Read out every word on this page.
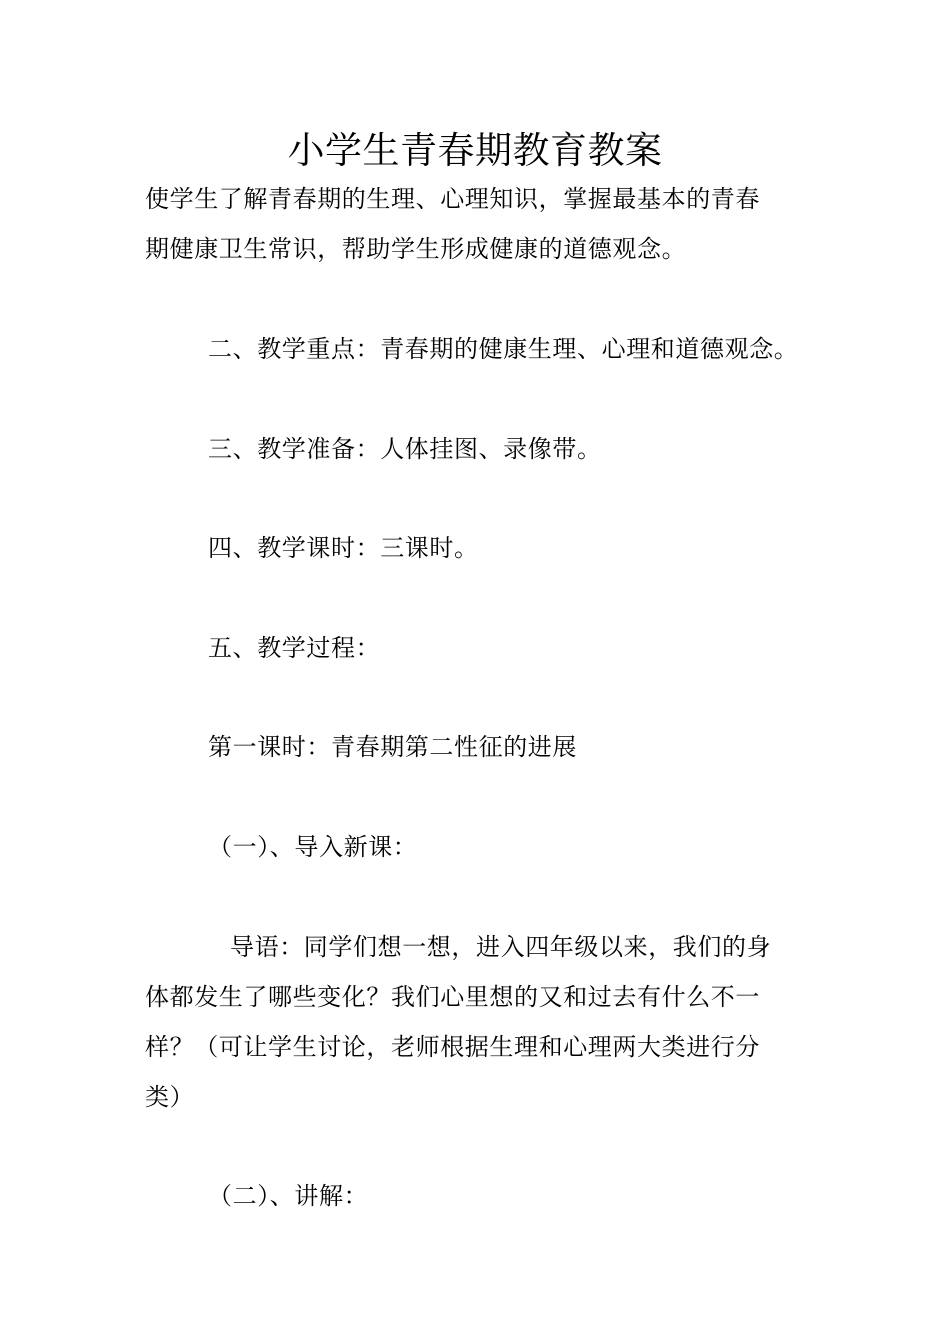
小学生青春期教育教案
使学生了解青春期的生理、心理知识，掌握最基本的青春
期健康卫生常识，帮助学生形成健康的道德观念。
二、教学重点：青春期的健康生理、心理和道德观念。
三、教学准备：人体挂图、录像带。
四、教学课时：三课时。
五、教学过程：
第一课时：青春期第二性征的进展
（一）、导入新课：
导语：同学们想一想，进入四年级以来，我们的身
体都发生了哪些变化？我们心里想的又和过去有什么不一
样？（可让学生讨论，老师根据生理和心理两大类进行分
类）
（二）、讲解：
